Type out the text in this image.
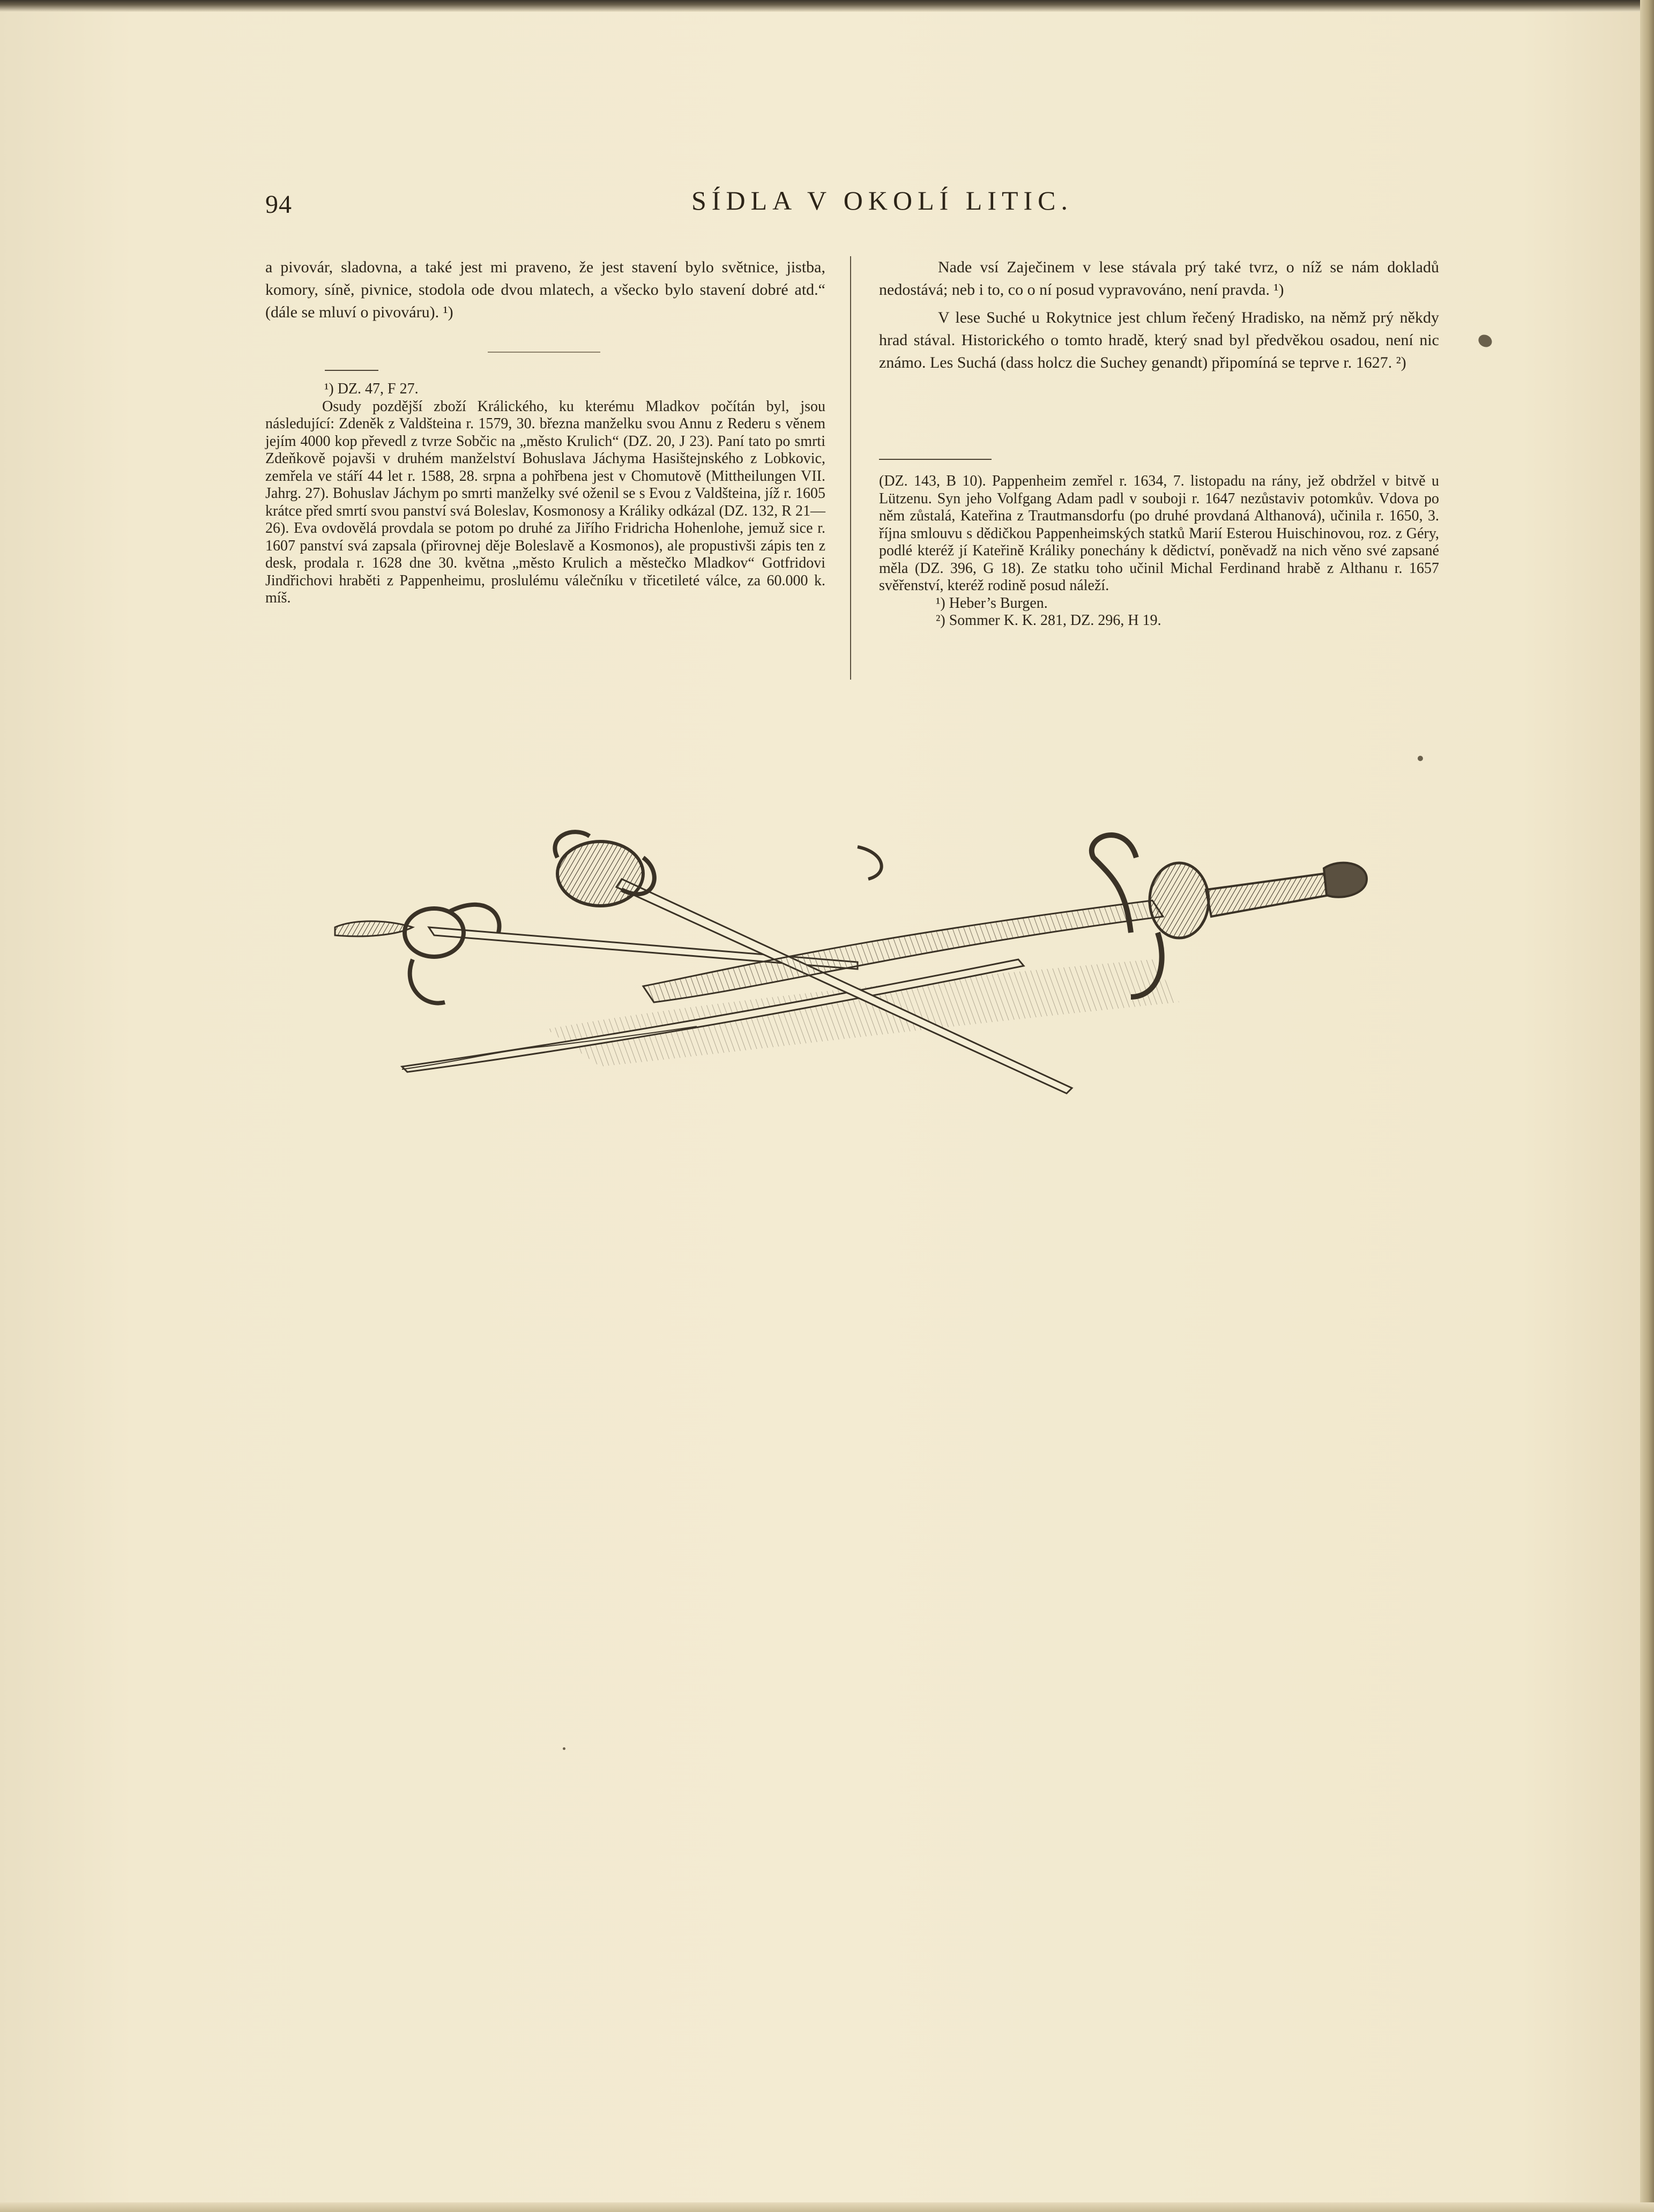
94	SÍDLA V OKOLÍ LITIC.

a pivovár, sladovna, a také jest mi praveno, že jest stavení bylo světnice, jistba, komory, síně, pivnice, stodola ode dvou mlatech, a všecko bylo stavení dobré atd.“ (dále se mluví o pivováru). ¹)

¹) DZ. 47, F 27.

Osudy pozdější zboží Králického, ku kterému Mladkov počítán byl, jsou následující: Zdeněk z Valdšteina r. 1579, 30. března manželku svou Annu z Rederu s věnem jejím 4000 kop převedl z tvrze Sobčic na „město Krulich“ (DZ. 20, J 23). Paní tato po smrti Zdeňkově pojavši v druhém manželství Bohuslava Jáchyma Hasištejnského z Lobkovic, zemřela ve stáří 44 let r. 1588, 28. srpna a pohřbena jest v Chomutově (Mittheilungen VII. Jahrg. 27). Bohuslav Jáchym po smrti manželky své oženil se s Evou z Valdšteina, jíž r. 1605 krátce před smrtí svou panství svá Boleslav, Kosmonosy a Králiky odkázal (DZ. 132, R 21—26). Eva ovdovělá provdala se potom po druhé za Jiřího Fridricha Hohenlohe, jemuž sice r. 1607 panství svá zapsala (přirovnej děje Boleslavě a Kosmonos), ale propustivši zápis ten z desk, prodala r. 1628 dne 30. května „město Krulich a městečko Mladkov“ Gotfridovi Jindřichovi hraběti z Pappenheimu, proslulému válečníku v třicetileté válce, za 60.000 k. míš.

Nade vsí Zaječinem v lese stávala prý také tvrz, o níž se nám dokladů nedostává; neb i to, co o ní posud vypravováno, není pravda. ¹)

V lese Suché u Rokytnice jest chlum řečený Hradisko, na němž prý někdy hrad stával. Historického o tomto hradě, který snad byl předvěkou osadou, není nic známo. Les Suchá (dass holcz die Suchey genandt) připomíná se teprve r. 1627. ²)

(DZ. 143, B 10). Pappenheim zemřel r. 1634, 7. listopadu na rány, jež obdržel v bitvě u Lützenu. Syn jeho Volfgang Adam padl v souboji r. 1647 nezůstaviv potomkův. Vdova po něm zůstalá, Kateřina z Trautmansdorfu (po druhé provdaná Althanová), učinila r. 1650, 3. října smlouvu s dědičkou Pappenheimských statků Marií Esterou Huischinovou, roz. z Géry, podlé kteréž jí Kateřině Králiky ponechány k dědictví, poněvadž na nich věno své zapsané měla (DZ. 396, G 18). Ze statku toho učinil Michal Ferdinand hrabě z Althanu r. 1657 svěřenství, kteréž rodině posud náleží.

¹) Heber’s Burgen.

²) Sommer K. K. 281, DZ. 296, H 19.
